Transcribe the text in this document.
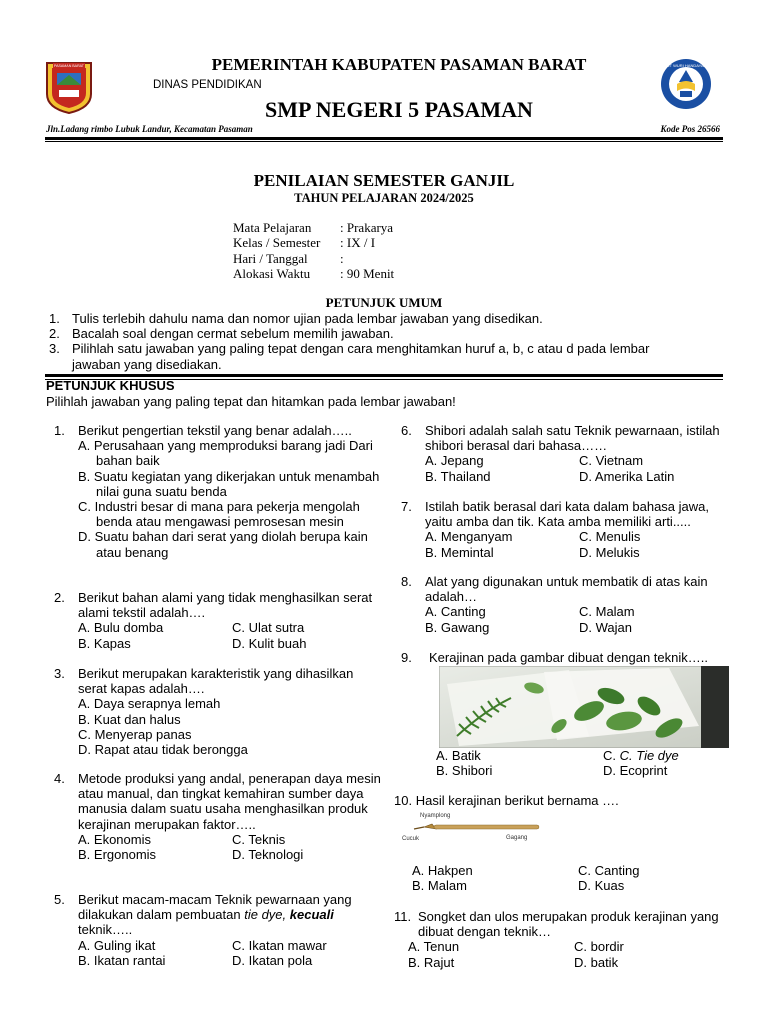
PASAMAN BARAT	PEMERINTAH KABUPATEN PASAMAN BARAT
DINAS PENDIDIKAN
SMP NEGERI 5 PASAMAN
TUT WURI HANDAYANI
Jln.Ladang rimbo Lubuk Landur, Kecamatan Pasaman	Kode Pos 26566
PENILAIAN SEMESTER GANJIL
TAHUN PELAJARAN 2024/2025
Mata Pelajaran	: Prakarya
Kelas / Semester	: IX / I
Hari / Tanggal	:
Alokasi Waktu	: 90 Menit
PETUNJUK UMUM
1. Tulis terlebih dahulu nama dan nomor ujian pada lembar jawaban yang disedikan.
2. Bacalah soal dengan cermat sebelum memilih jawaban.
3. Pilihlah satu jawaban yang paling tepat dengan cara menghitamkan huruf a, b, c atau d pada lembar jawaban yang disediakan.
PETUNJUK KHUSUS
Pilihlah jawaban yang paling tepat dan hitamkan pada lembar jawaban!
1.	Berikut pengertian tekstil yang benar adalah…..
A. Perusahaan yang memproduksi barang jadi Dari bahan baik
B. Suatu kegiatan yang dikerjakan untuk menambah nilai guna suatu benda
C. Industri besar di mana para pekerja mengolah benda atau mengawasi pemrosesan mesin
D. Suatu bahan dari serat yang diolah berupa kain atau benang
2.	Berikut bahan alami yang tidak menghasilkan serat alami tekstil adalah….
A. Bulu domba	C. Ulat sutra
B. Kapas	D. Kulit buah
3.	Berikut merupakan karakteristik yang dihasilkan serat kapas adalah….
A. Daya serapnya lemah
B. Kuat dan halus
C. Menyerap panas
D. Rapat atau tidak berongga
4.	Metode produksi yang andal, penerapan daya mesin atau manual, dan tingkat kemahiran sumber daya manusia dalam suatu usaha menghasilkan produk kerajinan merupakan faktor…..
A. Ekonomis	C. Teknis
B. Ergonomis	D. Teknologi
5.	Berikut macam-macam Teknik pewarnaan yang dilakukan dalam pembuatan tie dye, kecuali teknik…..
A. Guling ikat	C. Ikatan mawar
B. Ikatan rantai	D. Ikatan pola
6.	Shibori adalah salah satu Teknik pewarnaan, istilah shibori berasal dari bahasa……
A. Jepang	C. Vietnam
B. Thailand	D. Amerika Latin
7.	Istilah batik berasal dari kata dalam bahasa jawa, yaitu amba dan tik. Kata amba memiliki arti.....
A. Menganyam	C. Menulis
B. Memintal	D. Melukis
8.	Alat yang digunakan untuk membatik di atas kain adalah…
A. Canting	C. Malam
B. Gawang	D. Wajan
9.	Kerajinan pada gambar dibuat dengan teknik…..
A. Batik	C. C. Tie dye
B. Shibori	D. Ecoprint
10. Hasil kerajinan berikut bernama ….
Nyamplong
Cucuk	Gagang
A. Hakpen	C. Canting
B. Malam	D. Kuas
11. Songket dan ulos merupakan produk kerajinan yang dibuat dengan teknik…
A. Tenun	C. bordir
B. Rajut	D. batik
